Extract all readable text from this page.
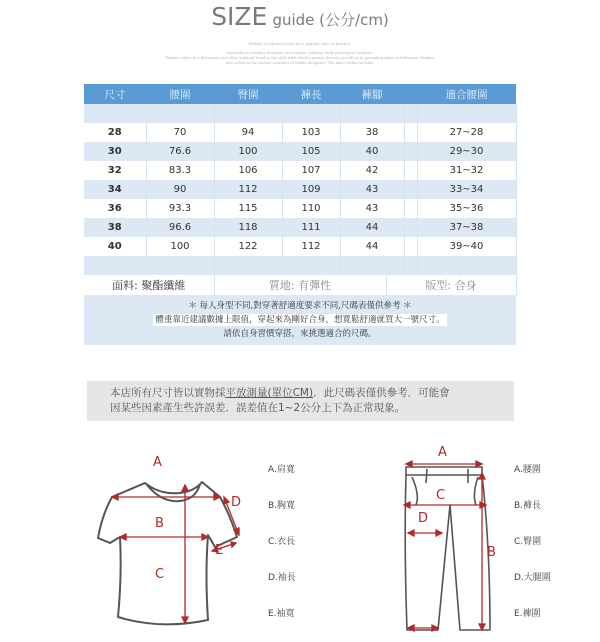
SIZE guide (公分/cm)
Fashion is a general term for a popular style or practice,
especially in clothing, footwear, accessories, makeup, body piercing or furniture.
Fashion refers to a distinctive and often habitual trend in the style with which a person dresses as well as to prevailing styles in behaviour. Fashion
also refers to the newest creations of textile designers. The more technical term.
尺寸	腰圍	臀圍	褲長	褲腳		適合腰圍

28	70	94	103	38		27~28
30	76.6	100	105	40		29~30
32	83.3	106	107	42		31~32
34	90	112	109	43		33~34
36	93.3	115	110	43		35~36
38	96.6	118	111	44		37~38
40	100	122	112	44		39~40

面料: 聚酯纖維	質地: 有彈性	版型: 合身
＊ 每人身型不同,對穿著舒適度要求不同,尺碼表僅供參考 ＊
體重靠近建議數據上限值，穿起來為剛好合身，想寬鬆舒適就買大一號尺寸。
請依自身習慣穿搭，來挑選適合的尺碼。
本店所有尺寸皆以實物採平放測量(單位CM)．此尺碼表僅供參考．可能會
因某些因素產生些許誤差．誤差值在1~2公分上下為正常現象。
A
B
C
D
E
A.肩寬
B.胸寬
C.衣長
D.袖長
E.袖寬
A
B
C
D
A.腰圍
B.褲長
C.臀圍
D.大腿圍
E.褲圍
